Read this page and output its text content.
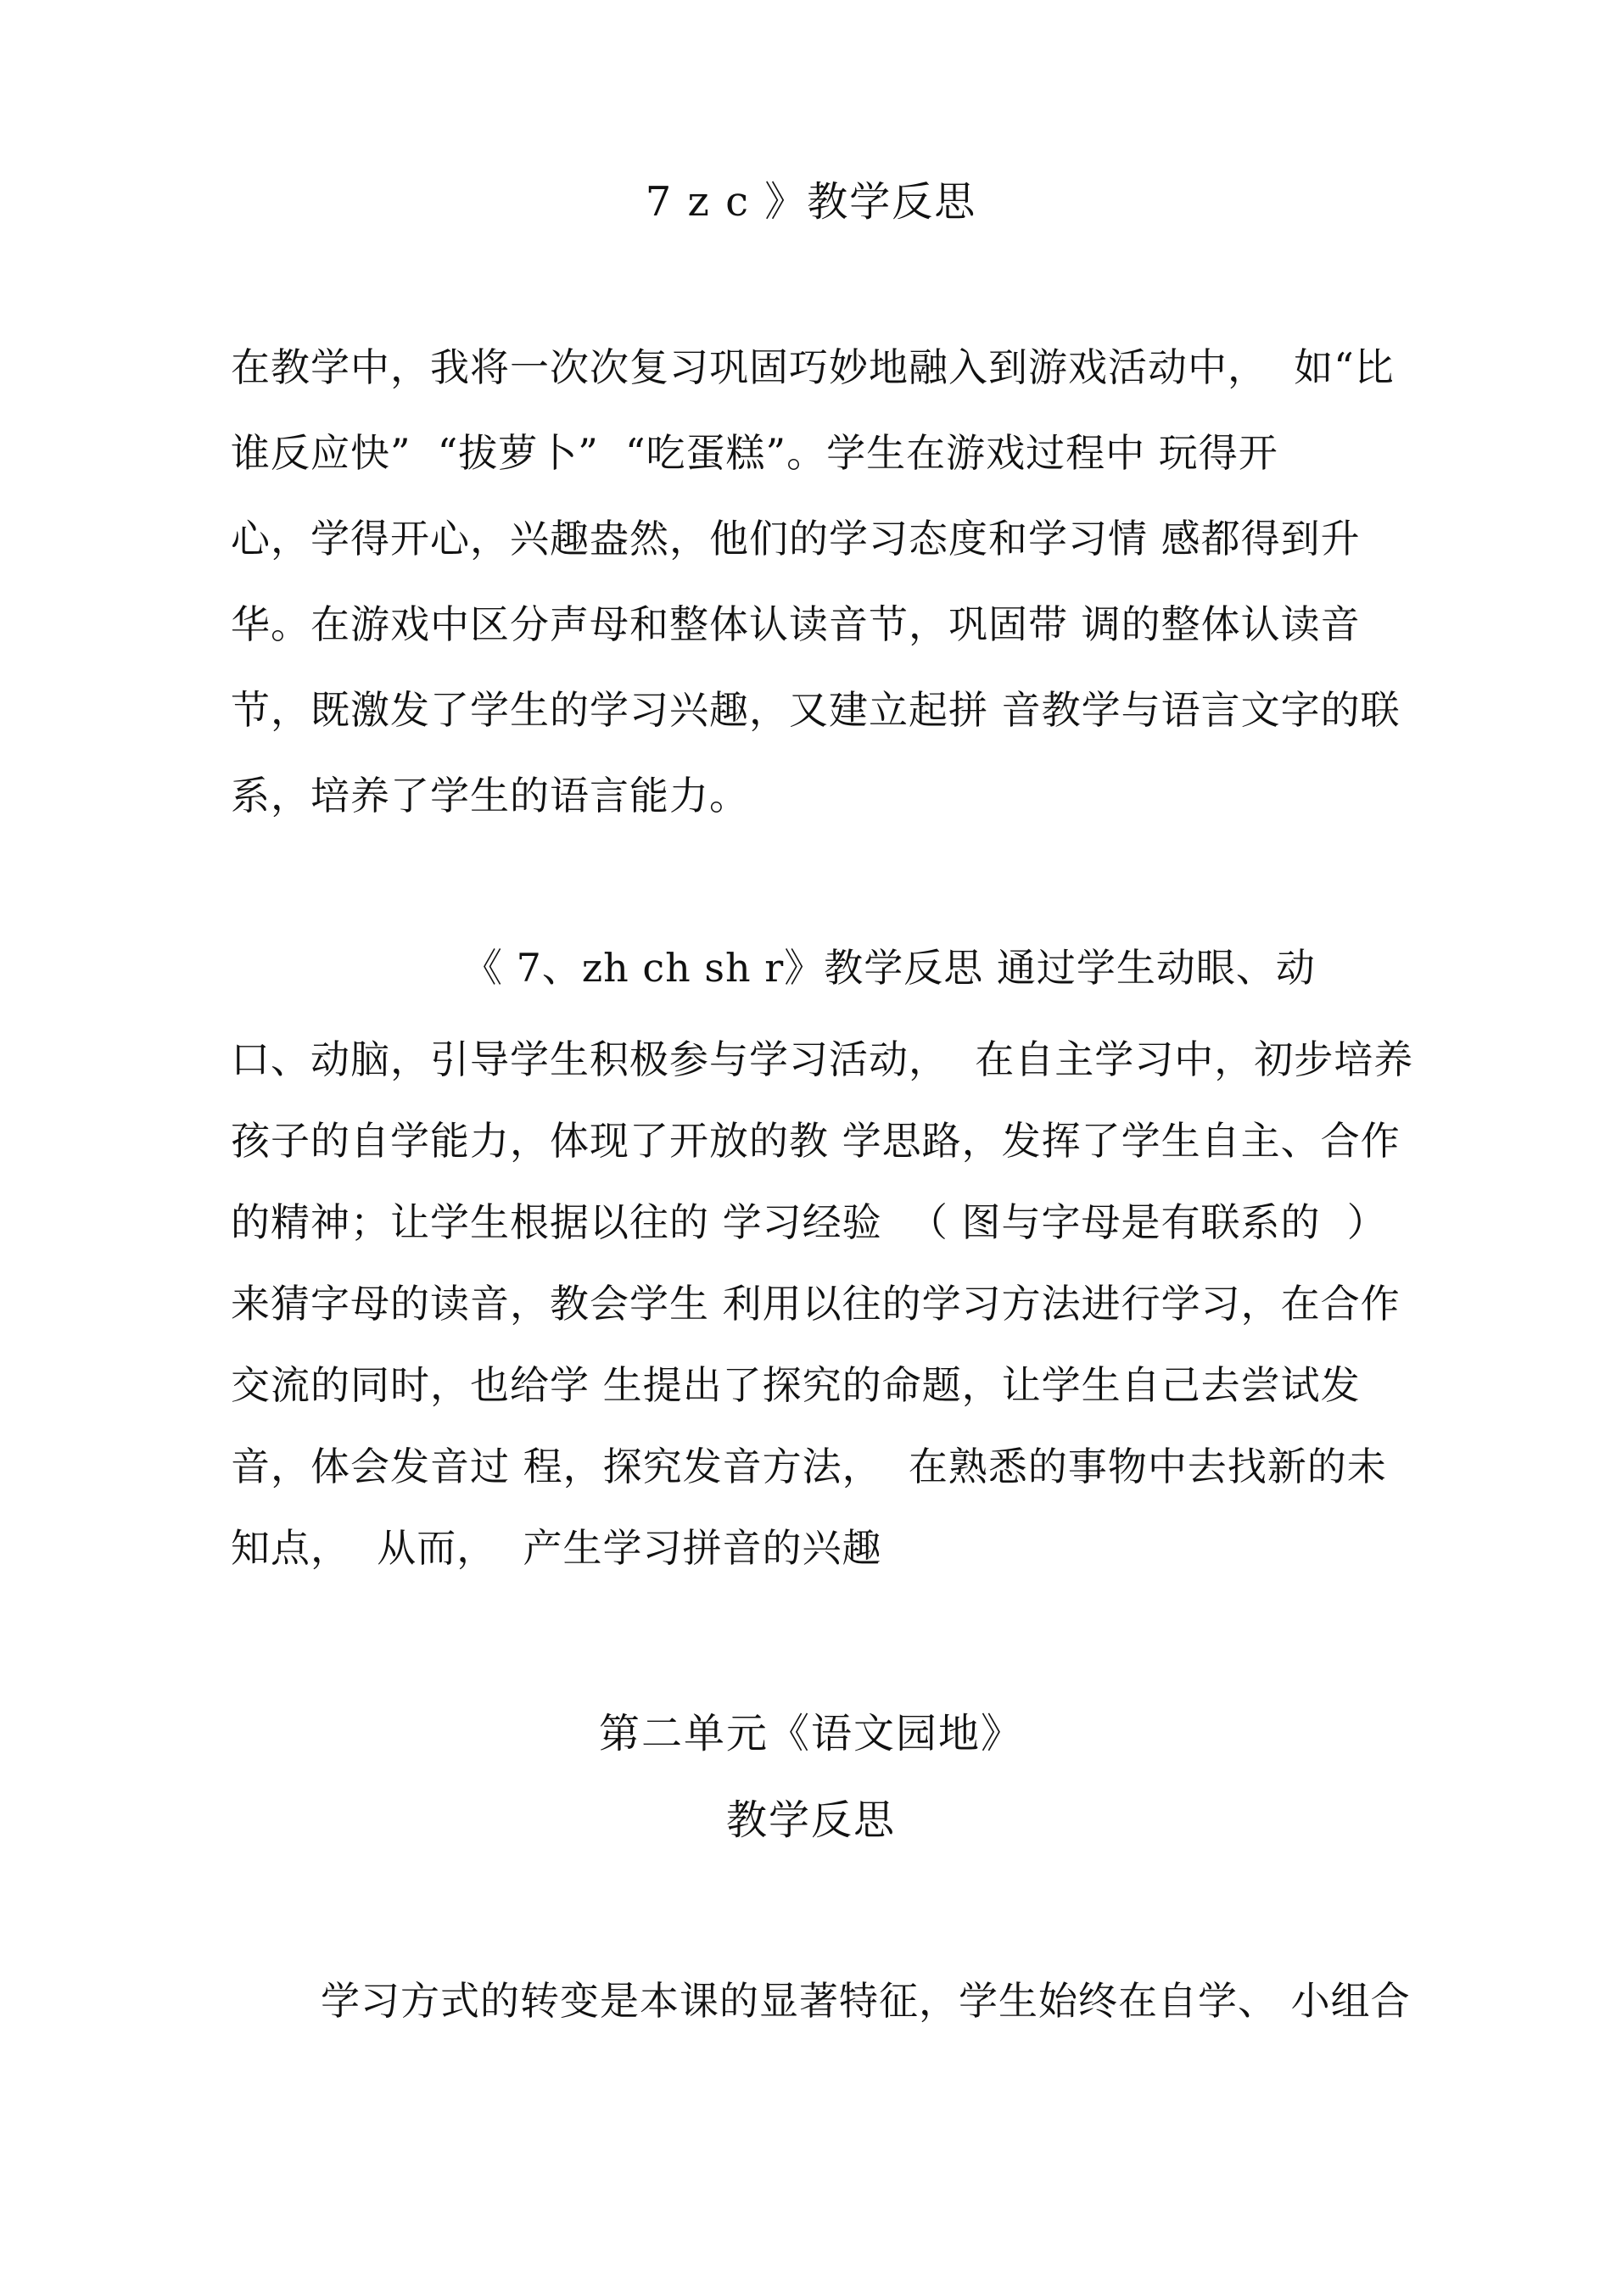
7 z c 》教学反思
在教学中，我将一次次复习巩固巧妙地融入到游戏活动中，  如“比
谁反应快”  “拔萝卜”  “吃蛋糕”。学生在游戏过程中 玩得开
心，学得开心，兴趣盎然，他们的学习态度和学习情 感都得到升
华。在游戏中区分声母和整体认读音节，巩固带 调的整体认读音
节，既激发了学生的学习兴趣，又建立起拼 音教学与语言文字的联
系，培养了学生的语言能力。
《 7、zh ch sh r》教学反思 通过学生动眼、动
口、动脑，引导学生积极参与学习活动，  在自主学习中，初步培养
孩子的自学能力，体现了开放的教 学思路，发挥了学生自主、合作
的精神；让学生根据以往的 学习经验  （ 图与字母是有联系的  ）
来猜字母的读音，教会学生 利用以往的学习方法进行学习，在合作
交流的同时，也给学 生提出了探究的命题，让学生自己去尝试发
音，体会发音过 程，探究发音方法，  在熟悉的事物中去找新的未
知点，  从而，  产生学习拼音的兴趣
第二单元《语文园地》
教学反思
学习方式的转变是本课的显著特征，学生始终在自学、 小组合
